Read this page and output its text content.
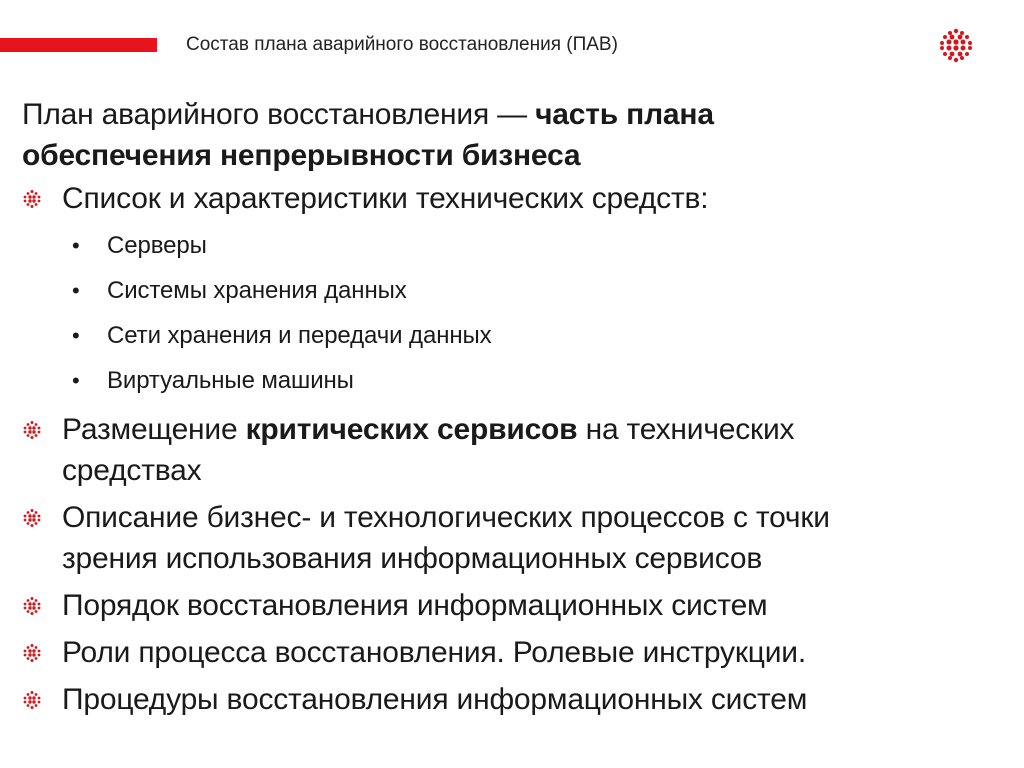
Состав плана аварийного восстановления (ПАВ)
План аварийного восстановления — часть плана
обеспечения непрерывности бизнеса
Список и характеристики технических средств:
• Серверы
• Системы хранения данных
• Сети хранения и передачи данных
• Виртуальные машины
Размещение критических сервисов на технических
средствах
Описание бизнес- и технологических процессов с точки
зрения использования информационных сервисов
Порядок восстановления информационных систем
Роли процесса восстановления. Ролевые инструкции.
Процедуры восстановления информационных систем
